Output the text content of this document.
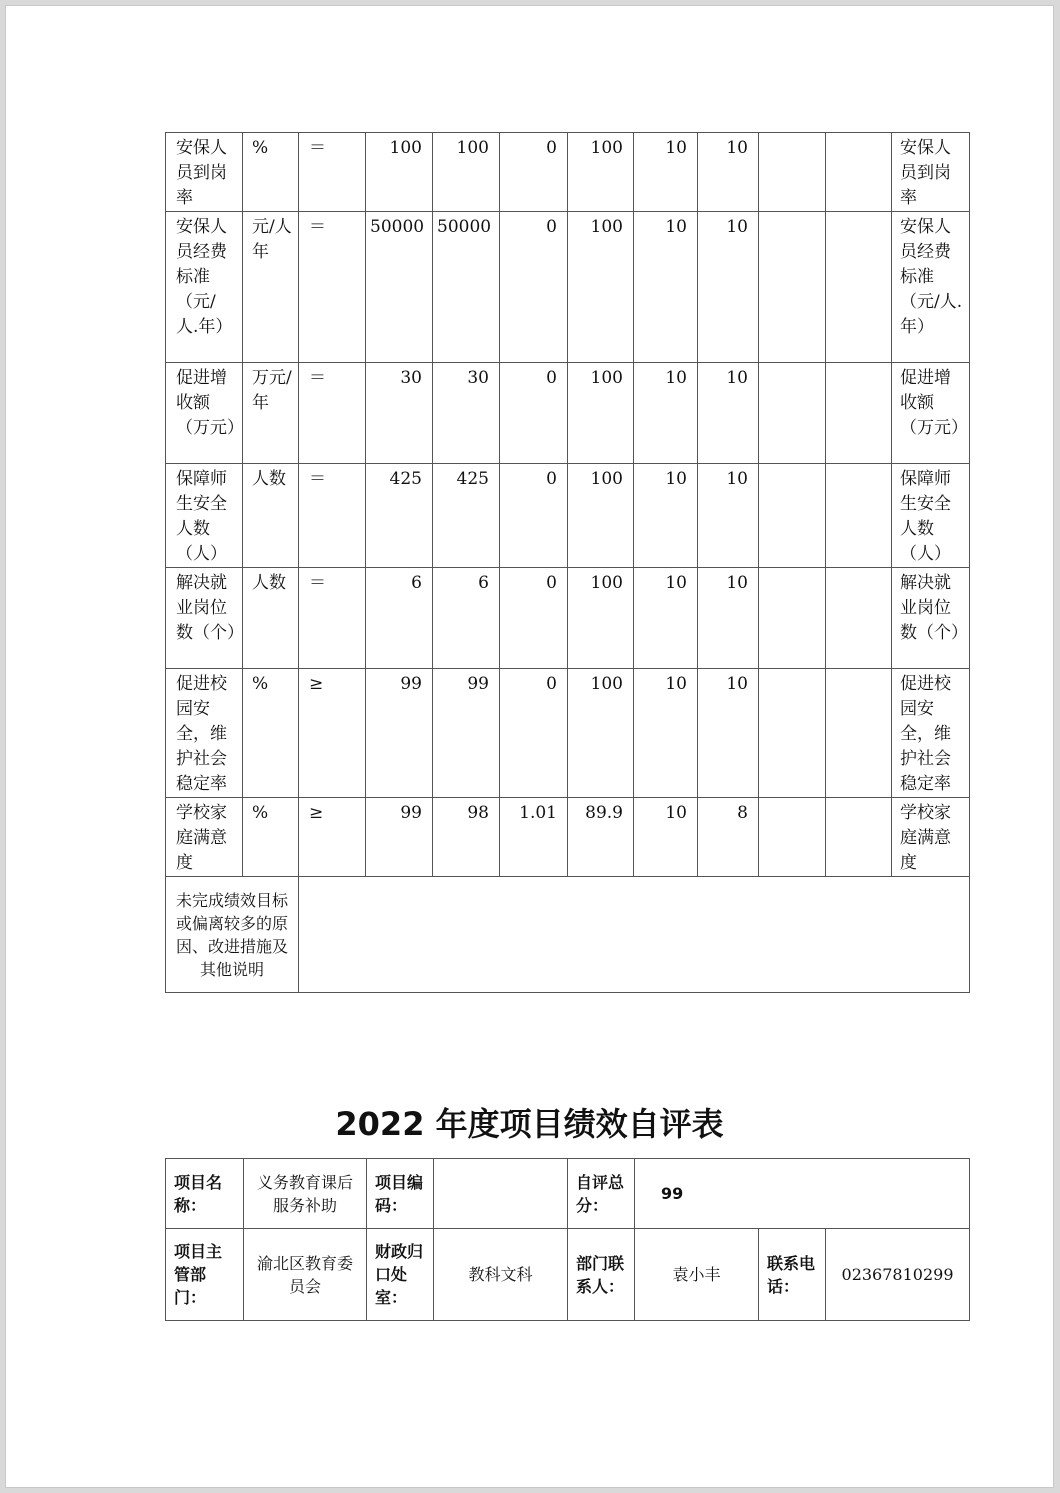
安保人员到岗率	%	＝	100	100	0	100	10	10			安保人员到岗率
安保人员经费标准（元/人.年）	元/人年	＝	50000	50000	0	100	10	10			安保人员经费标准（元/人.年）
促进增收额（万元）	万元/年	＝	30	30	0	100	10	10			促进增收额（万元）
保障师生安全人数（人）	人数	＝	425	425	0	100	10	10			保障师生安全人数（人）
解决就业岗位数（个）	人数	＝	6	6	0	100	10	10			解决就业岗位数（个）
促进校园安全，维护社会稳定率	%	≥	99	99	0	100	10	10			促进校园安全，维护社会稳定率
学校家庭满意度	%	≥	99	98	1.01	89.9	10	8			学校家庭满意度
未完成绩效目标或偏离较多的原因、改进措施及其他说明											
2022 年度项目绩效自评表
项目名称：	义务教育课后服务补助	项目编码：		自评总分：	99		
项目主管部门：	渝北区教育委员会	财政归口处室：	教科文科	部门联系人：	袁小丰	联系电话：	02367810299
